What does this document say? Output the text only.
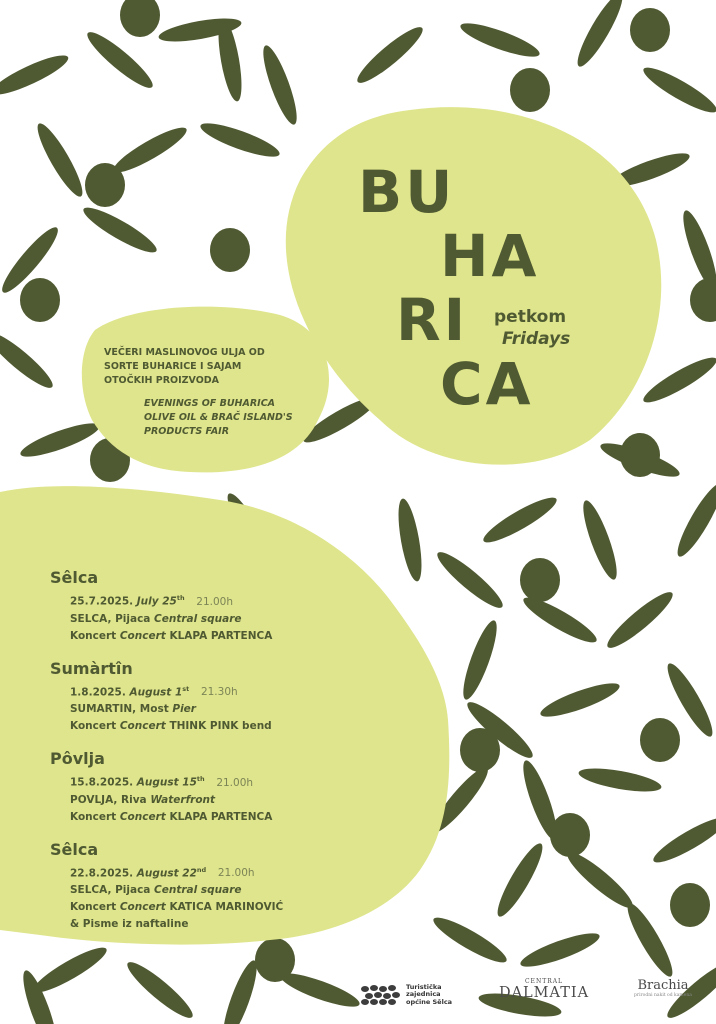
BU
HA
RI
CA
petkom
Fridays
VEČERI MASLINOVOG ULJA OD
SORTE BUHARICE I SAJAM
OTOČKIH PROIZVODA
EVENINGS OF BUHARICA
OLIVE OIL & BRAČ ISLAND'S
PRODUCTS FAIR
Sêlca
25.7.2025. July 25th 21.00h
SELCA, Pijaca Central square
Koncert Concert KLAPA PARTENCA
Sumàrtîn
1.8.2025. August 1st 21.30h
SUMARTIN, Most Pier
Koncert Concert THINK PINK bend
Pôvlja
15.8.2025. August 15th 21.00h
POVLJA, Riva Waterfront
Koncert Concert KLAPA PARTENCA
Sêlca
22.8.2025. August 22nd 21.00h
SELCA, Pijaca Central square
Koncert Concert KATICA MARINOVIĆ
& Pisme iz naftaline
Turistička
zajednica
općine Sêlca
CENTRAL
DALMATIA	Brachia
prirodni nakit od kamena
